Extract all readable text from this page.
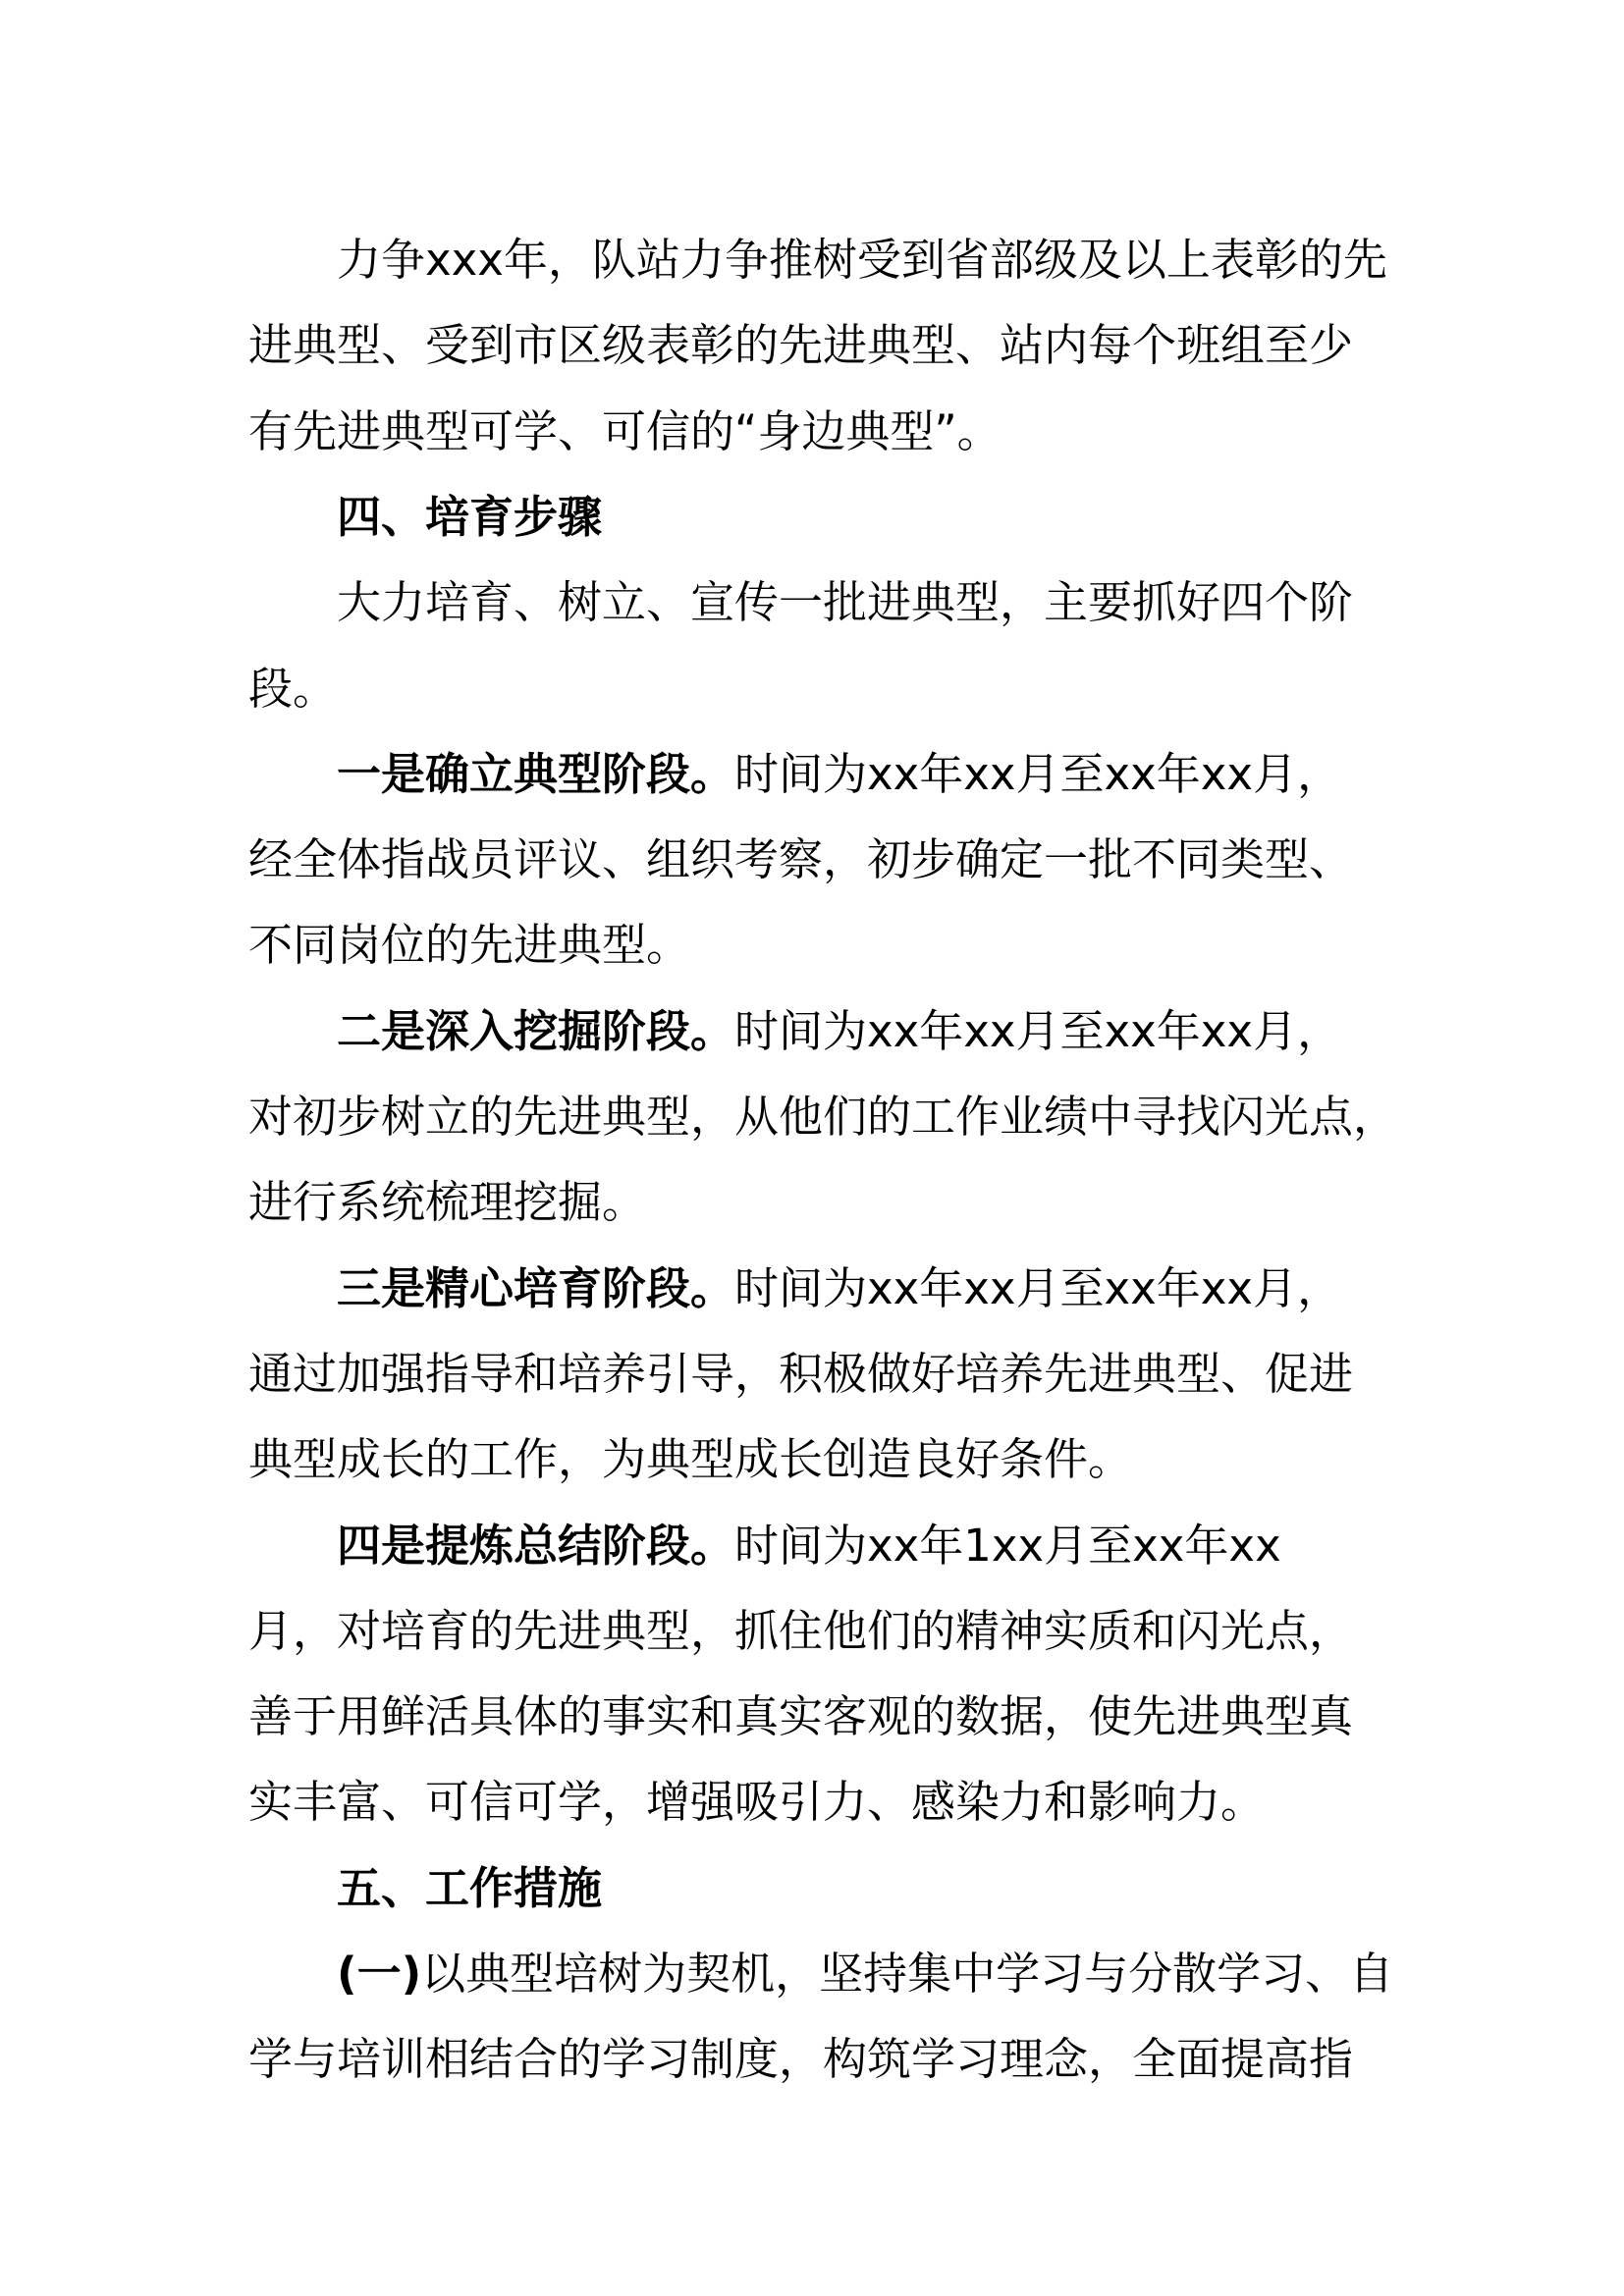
力争xxx年，队站力争推树受到省部级及以上表彰的先
进典型、受到市区级表彰的先进典型、站内每个班组至少
有先进典型可学、可信的“身边典型”。
四、培育步骤
大力培育、树立、宣传一批进典型，主要抓好四个阶
段。
一是确立典型阶段。时间为xx年xx月至xx年xx月，
经全体指战员评议、组织考察，初步确定一批不同类型、
不同岗位的先进典型。
二是深入挖掘阶段。时间为xx年xx月至xx年xx月，
对初步树立的先进典型，从他们的工作业绩中寻找闪光点，
进行系统梳理挖掘。
三是精心培育阶段。时间为xx年xx月至xx年xx月，
通过加强指导和培养引导，积极做好培养先进典型、促进
典型成长的工作，为典型成长创造良好条件。
四是提炼总结阶段。时间为xx年1xx月至xx年xx
月，对培育的先进典型，抓住他们的精神实质和闪光点，
善于用鲜活具体的事实和真实客观的数据，使先进典型真
实丰富、可信可学，增强吸引力、感染力和影响力。
五、工作措施
(一)以典型培树为契机，坚持集中学习与分散学习、自
学与培训相结合的学习制度，构筑学习理念，全面提高指
